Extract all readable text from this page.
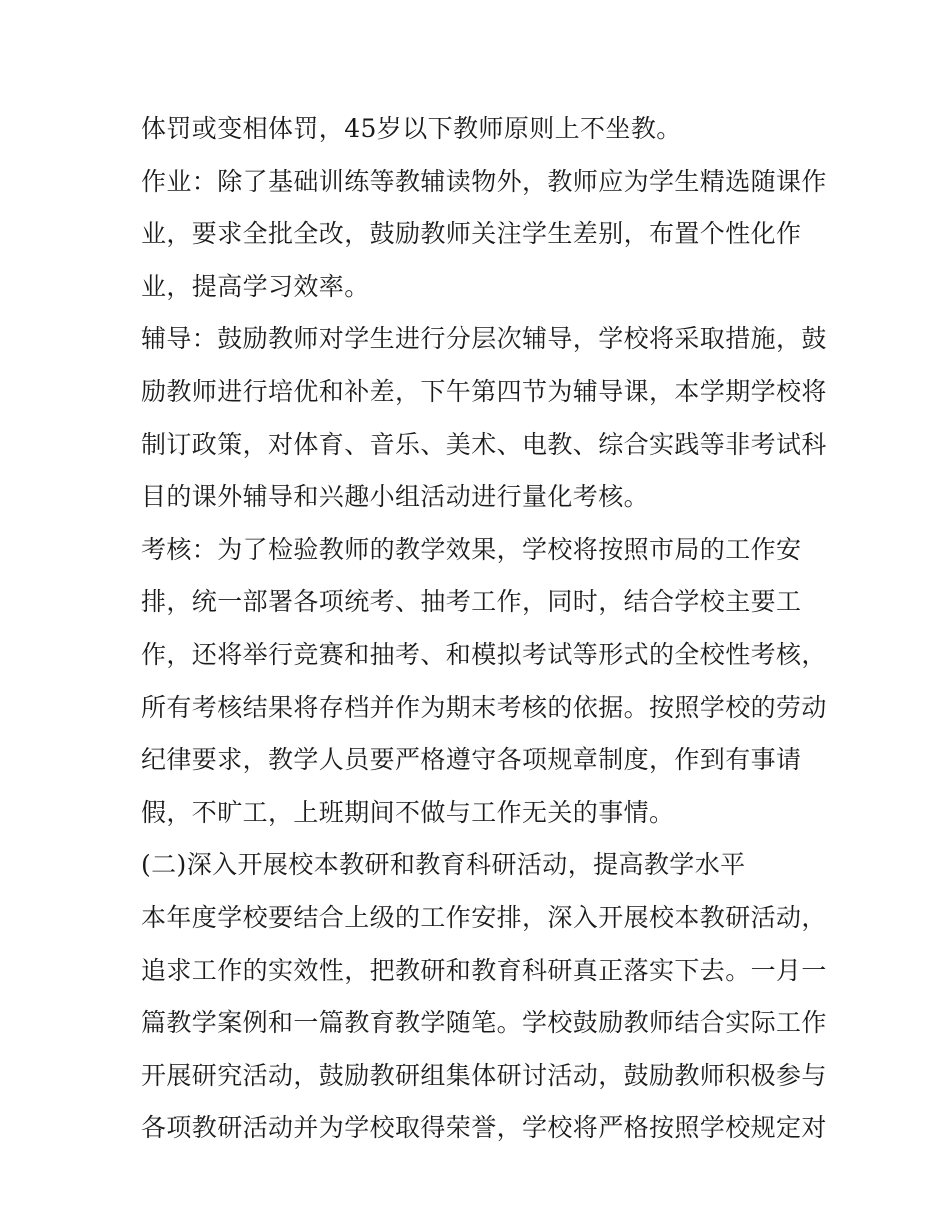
体罚或变相体罚，45岁以下教师原则上不坐教。
作业：除了基础训练等教辅读物外，教师应为学生精选随课作
业，要求全批全改，鼓励教师关注学生差别，布置个性化作
业，提高学习效率。
辅导：鼓励教师对学生进行分层次辅导，学校将采取措施，鼓
励教师进行培优和补差，下午第四节为辅导课，本学期学校将
制订政策，对体育、音乐、美术、电教、综合实践等非考试科
目的课外辅导和兴趣小组活动进行量化考核。
考核：为了检验教师的教学效果，学校将按照市局的工作安
排，统一部署各项统考、抽考工作，同时，结合学校主要工
作，还将举行竞赛和抽考、和模拟考试等形式的全校性考核，
所有考核结果将存档并作为期末考核的依据。按照学校的劳动
纪律要求，教学人员要严格遵守各项规章制度，作到有事请
假，不旷工，上班期间不做与工作无关的事情。
(二)深入开展校本教研和教育科研活动，提高教学水平
本年度学校要结合上级的工作安排，深入开展校本教研活动，
追求工作的实效性，把教研和教育科研真正落实下去。一月一
篇教学案例和一篇教育教学随笔。学校鼓励教师结合实际工作
开展研究活动，鼓励教研组集体研讨活动，鼓励教师积极参与
各项教研活动并为学校取得荣誉，学校将严格按照学校规定对
